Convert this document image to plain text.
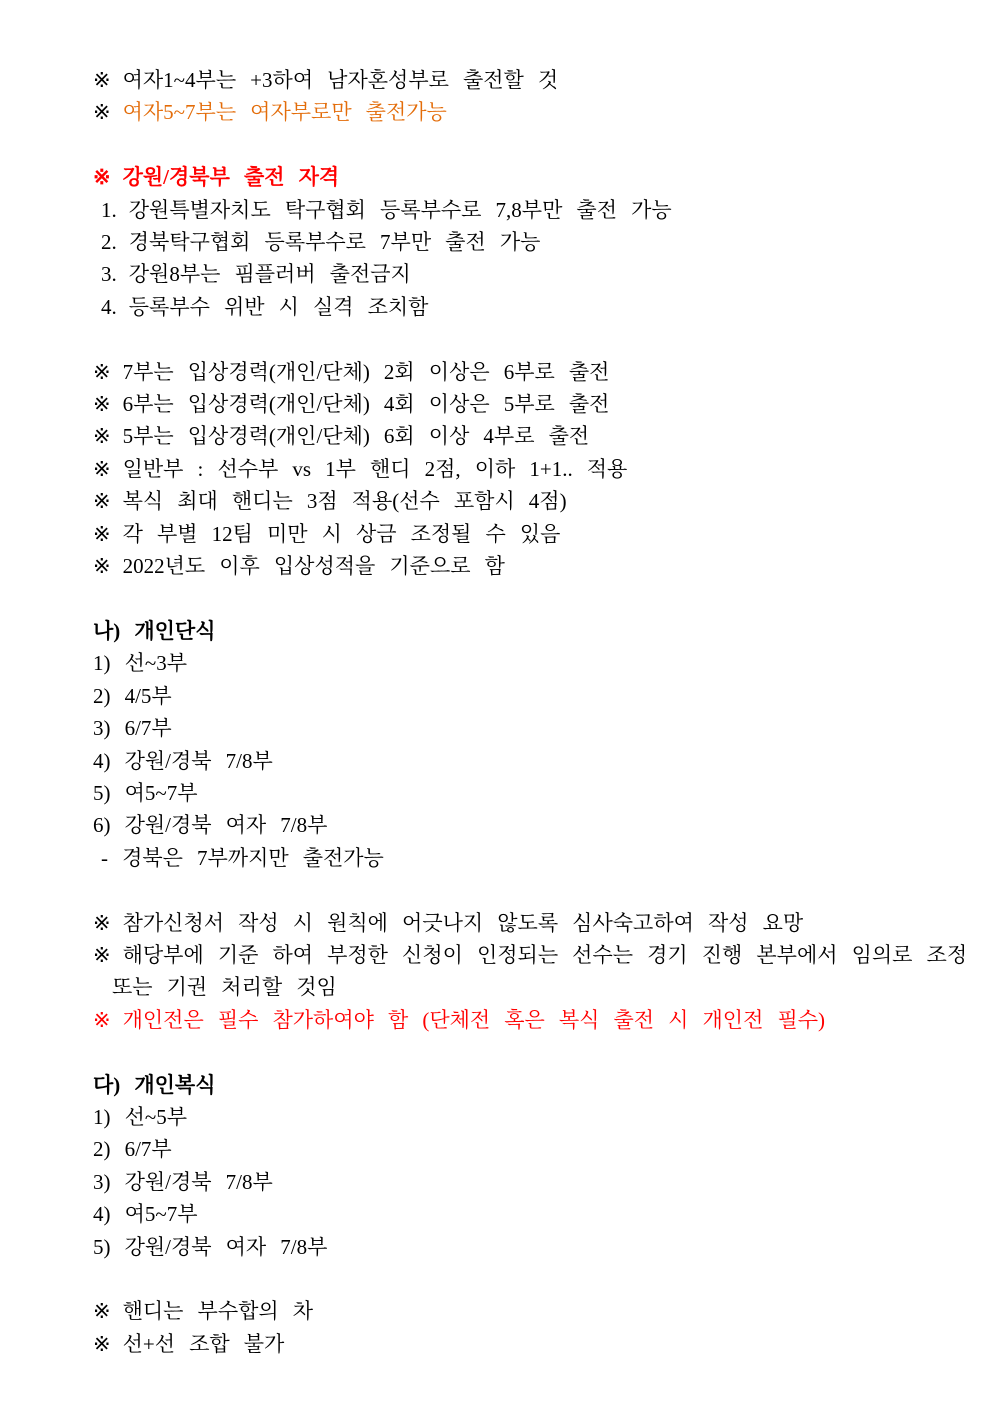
※ 여자1~4부는 +3하여 남자혼성부로 출전할 것

※ 여자5~7부는 여자부로만 출전가능

※ 강원/경북부 출전 자격

1. 강원특별자치도 탁구협회 등록부수로 7,8부만 출전 가능

2. 경북탁구협회 등록부수로 7부만 출전 가능

3. 강원8부는 핌플러버 출전금지

4. 등록부수 위반 시 실격 조치함

※ 7부는 입상경력(개인/단체) 2회 이상은 6부로 출전

※ 6부는 입상경력(개인/단체) 4회 이상은 5부로 출전

※ 5부는 입상경력(개인/단체) 6회 이상 4부로 출전

※ 일반부 : 선수부 vs 1부 핸디 2점, 이하 1+1.. 적용

※ 복식 최대 핸디는 3점 적용(선수 포함시 4점)

※ 각 부별 12팀 미만 시 상금 조정될 수 있음

※ 2022년도 이후 입상성적을 기준으로 함

나) 개인단식

1) 선~3부

2) 4/5부

3) 6/7부

4) 강원/경북 7/8부

5) 여5~7부

6) 강원/경북 여자 7/8부

- 경북은 7부까지만 출전가능

※ 참가신청서 작성 시 원칙에 어긋나지 않도록 심사숙고하여 작성 요망

※ 해당부에 기준 하여 부정한 신청이 인정되는 선수는 경기 진행 본부에서 임의로 조정

또는 기권 처리할 것임

※ 개인전은 필수 참가하여야 함 (단체전 혹은 복식 출전 시 개인전 필수)

다) 개인복식

1) 선~5부

2) 6/7부

3) 강원/경북 7/8부

4) 여5~7부

5) 강원/경북 여자 7/8부

※ 핸디는 부수합의 차

※ 선+선 조합 불가
